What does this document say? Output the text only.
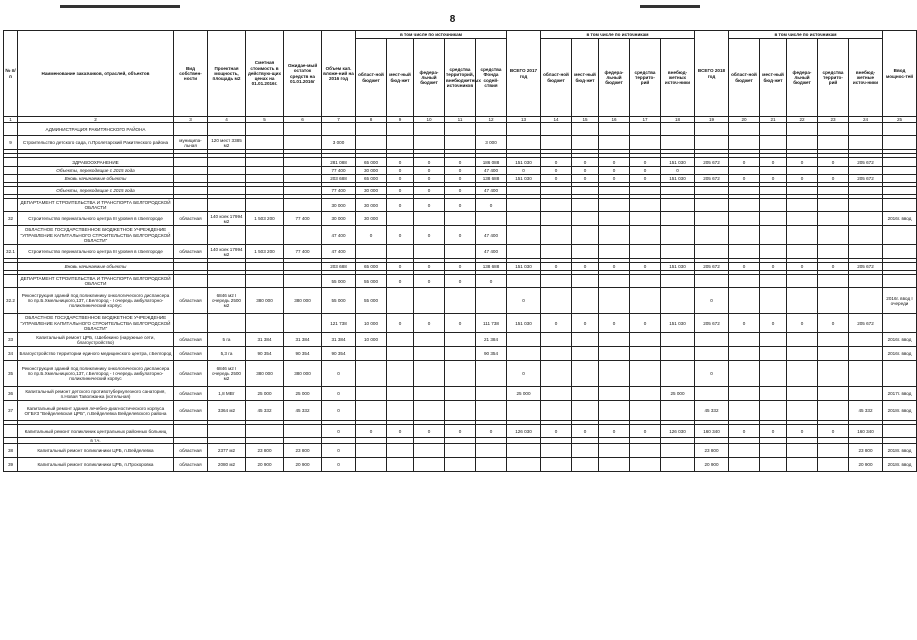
8
№ п/п	Наименование заказчиков, отраслей, объектов	Вид собствен-ности	Проектная мощность, площадь м2	Сметная стоимость в действую-щих ценах на 01.01.2016г.	Ожидае-мый остаток средств на 01.01.2016г	Объем кап. вложе-ний на 2016 год	в том числе по источникам					ВСЕГО 2017 год	в том числе по источникам					ВСЕГО 2018 год	в том числе по источникам					Ввод мощнос-тей
							област-ной бюджет	мест-ный бюд-жет	федера-льный бюджет	средства территорий, внебюджетных источников	средства Фонда содей-ствия		област-ной бюджет	мест-ный бюд-жет	федера-льный бюджет	средства террито-рий	внебюд-жетных источ-ники		област-ной бюджет	мест-ный бюд-жет	федера-льный бюджет	средства террито-рий	внебюд-жетные источ-ники	
1	2	3	4	5	6	7	8	9	10	11	12	13	14	15	16	17	18	19	20	21	22	23	24	25
	АДМИНИСТРАЦИЯ РАКИТЯНСКОГО РАЙОНА																							
9	Строительство детского сада, п.Пролетарский Ракитянского района	муниципа-льная	120 мест 3385 м2			3 000					3 000													

	ЗДРАВООХРАНЕНИЕ					281 088	65 000	0	0	0	186 088	151 030	0	0	0	0	151 030	205 672	0	0	0	0	205 672	
	Объекты, переходящие с 2015 года					77 400	30 000	0	0	0	47 400	0	0	0	0	0	0							
	Вновь начинаемые объекты					203 688	65 000	0	0	0	138 688	151 030	0	0	0	0	151 030	205 672	0	0	0	0	205 672	

	Объекты, переходящие с 2015 года					77 400	30 000	0	0	0	47 400													

	ДЕПАРТАМЕНТ СТРОИТЕЛЬСТВА И ТРАНСПОРТА БЕЛГОРОДСКОЙ ОБЛАСТИ					30 000	30 000	0	0	0	0													
32	Строительство перинатального центра III уровня в г.Белгороде	областная	140 коек 17994 м2	1 503 200	77 400	30 000	30 000																	2016г. ввод
	ОБЛАСТНОЕ ГОСУДАРСТВЕННОЕ БЮДЖЕТНОЕ УЧРЕЖДЕНИЕ "УПРАВЛЕНИЕ КАПИТАЛЬНОГО СТРОИТЕЛЬСТВА БЕЛГОРОДСКОЙ ОБЛАСТИ"					47 400	0	0	0	0	47 400													
32.1	Строительство перинатального центра III уровня в г.Белгороде	областная	140 коек 17994 м2	1 503 200	77 400	47 400					47 400													

	Вновь начинаемые объекты					203 688	65 000	0	0	0	138 688	151 030	0	0	0	0	151 030	205 672	0	0	0	0	205 672	

	ДЕПАРТАМЕНТ СТРОИТЕЛЬСТВА И ТРАНСПОРТА БЕЛГОРОДСКОЙ ОБЛАСТИ					55 000	55 000	0	0	0	0													
32.2	Реконструкция зданий под поликлинику онкологического диспансера по пр.Б.Хмельницкого,137, г.Белгород - I очередь амбулаторно-поликлинический корпус	областная	6846 м2 I очередь 2500 м2	380 000	380 000	55 000	55 000					0						0						2016г. ввод I очереди
	ОБЛАСТНОЕ ГОСУДАРСТВЕННОЕ БЮДЖЕТНОЕ УЧРЕЖДЕНИЕ "УПРАВЛЕНИЕ КАПИТАЛЬНОГО СТРОИТЕЛЬСТВА БЕЛГОРОДСКОЙ ОБЛАСТИ"					121 738	10 000	0	0	0	111 738	151 030	0	0	0	0	151 030	205 672	0	0	0	0	205 672	
33	Капитальный ремонт ЦРБ, г.Шебекино (наружные сети, благоустройство)	областная	5 га	31 384	31 384	31 384	10 000				21 384													2016г. ввод
34	Благоустройство территории единого медицинского центра, г.Белгород	областная	5,3 га	90 354	90 354	90 354					90 354													2016г. ввод
35	Реконструкция зданий под поликлинику онкологического диспансера по пр.Б.Хмельницкого,137, г.Белгород - I очередь амбулаторно-поликлинический корпус	областная	6846 м2 I очередь 2500 м2	380 000	380 000	0						0						0						
36	Капитальный ремонт детского противотуберкулезного санатория, п.Новая Таволжанка (котельная)	областная	1,8 МВт	25 000	25 000	0						25 000					25 000							2017г. ввод
37	Капитальный ремонт здания лечебно-диагностического корпуса ОГБУЗ "Вейделевская ЦРБ", п.Вейделевка Вейделевского района	областная	3364 м2	45 332	45 332	0												45 332					45 332	2018г. ввод

	Капитальный ремонт поликлиник центральных районных больниц					0	0	0	0	0	0	126 030	0	0	0	0	126 030	160 340	0	0	0	0	160 340	
	в т.ч.																							
38	Капитальный ремонт поликлиники ЦРБ, п.Вейделевка	областная	2377 м2	23 800	23 800	0												23 800					23 800	2018г. ввод
39	Капитальный ремонт поликлиники ЦРБ, п.Прохоровка	областная	2080 м2	20 900	20 900	0												20 900					20 900	2018г. ввод
